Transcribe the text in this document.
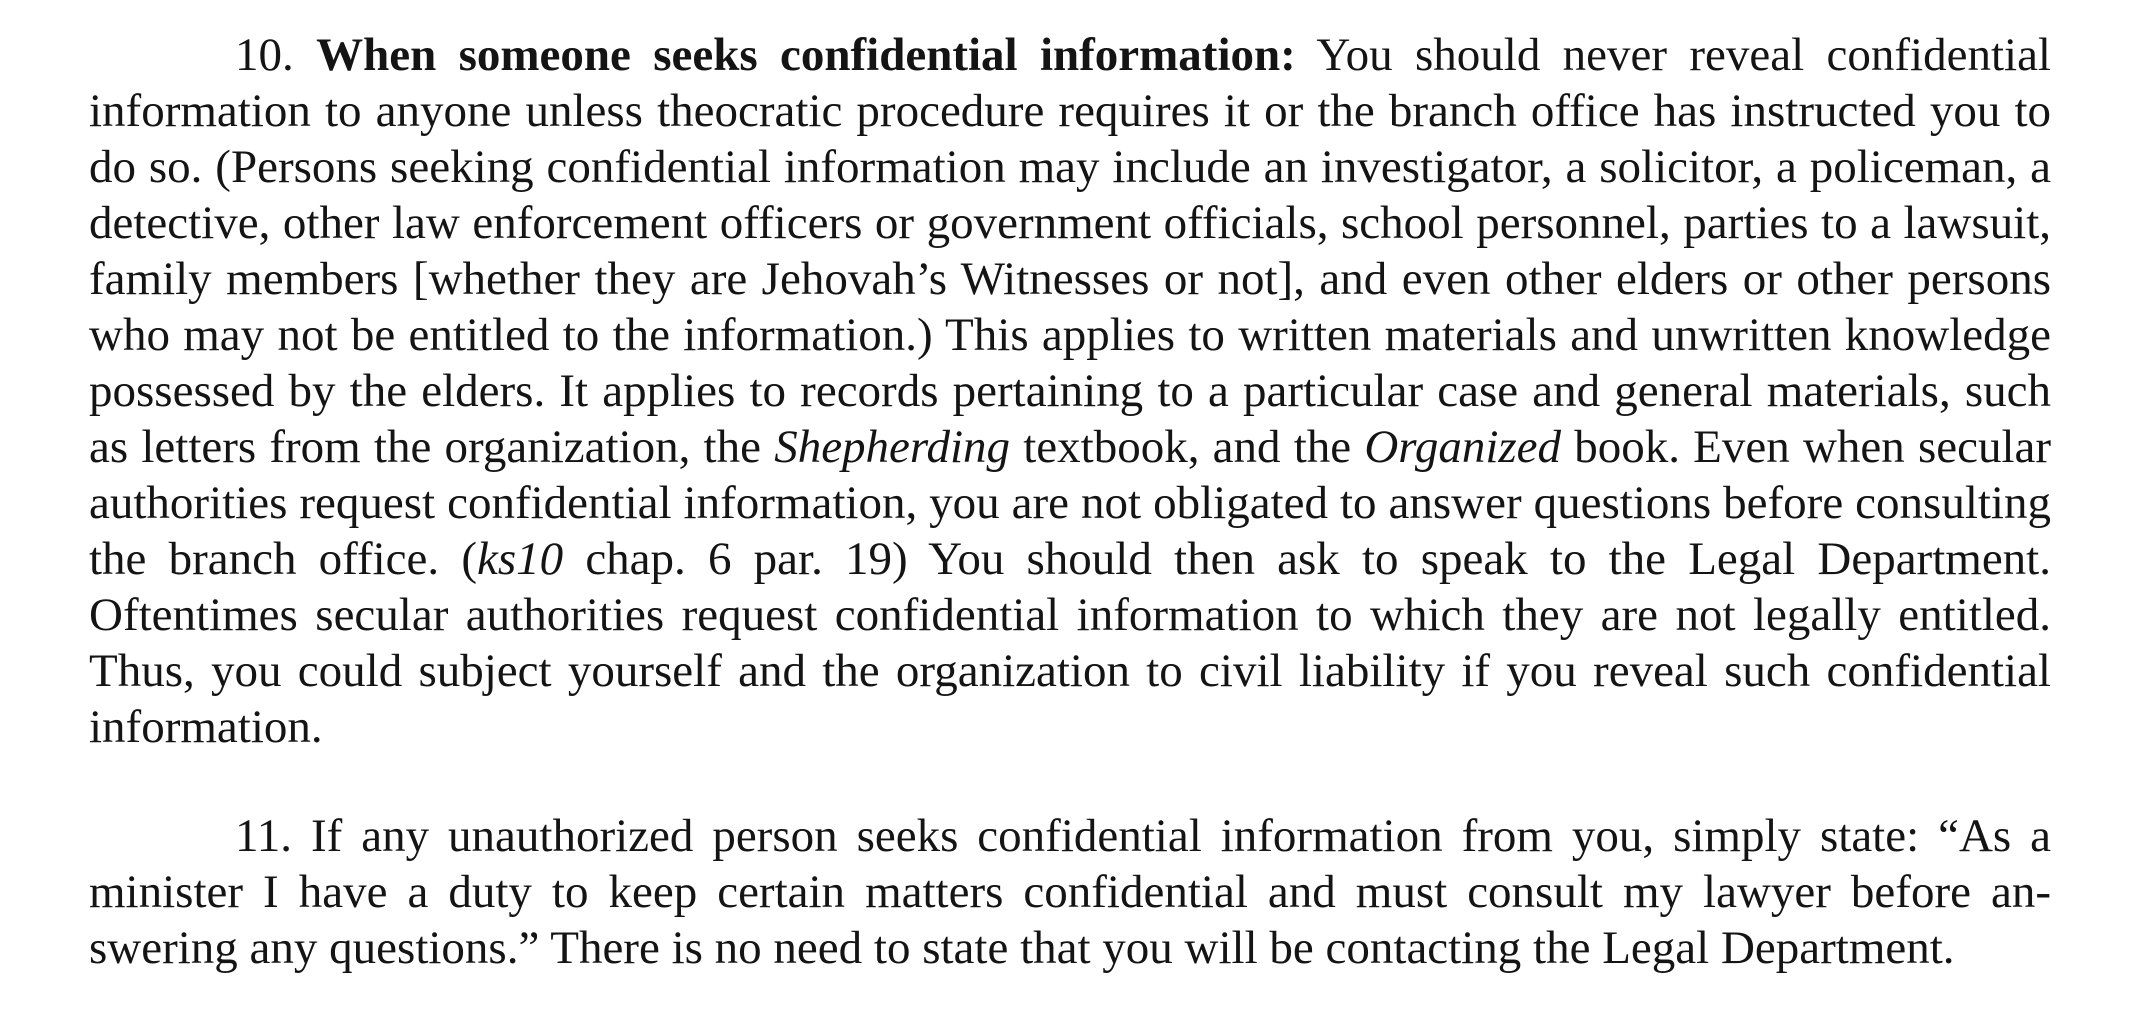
10. When someone seeks confidential information: You should never reveal confidential information to anyone unless theocratic procedure requires it or the branch office has instructed you to do so. (Persons seeking confidential information may include an investigator, a solicitor, a policeman, a detective, other law enforcement officers or government officials, school personnel, parties to a lawsuit, family members [whether they are Jehovah’s Witnesses or not], and even other elders or other persons who may not be entitled to the information.) This applies to written materials and unwritten knowledge possessed by the elders. It applies to records pertaining to a particular case and general materials, such as letters from the organization, the Shepherding textbook, and the Organized book. Even when secular authorities request confidential information, you are not obligated to answer questions before consulting the branch office. (ks10 chap. 6 par. 19) You should then ask to speak to the Legal Department. Oftentimes secular authorities request confidential information to which they are not legally entitled. Thus, you could subject yourself and the organization to civil liability if you reveal such confidential information.

11. If any unauthorized person seeks confidential information from you, simply state: “As a minister I have a duty to keep certain matters confidential and must consult my lawyer before answering any questions.” There is no need to state that you will be contacting the Legal Department.
